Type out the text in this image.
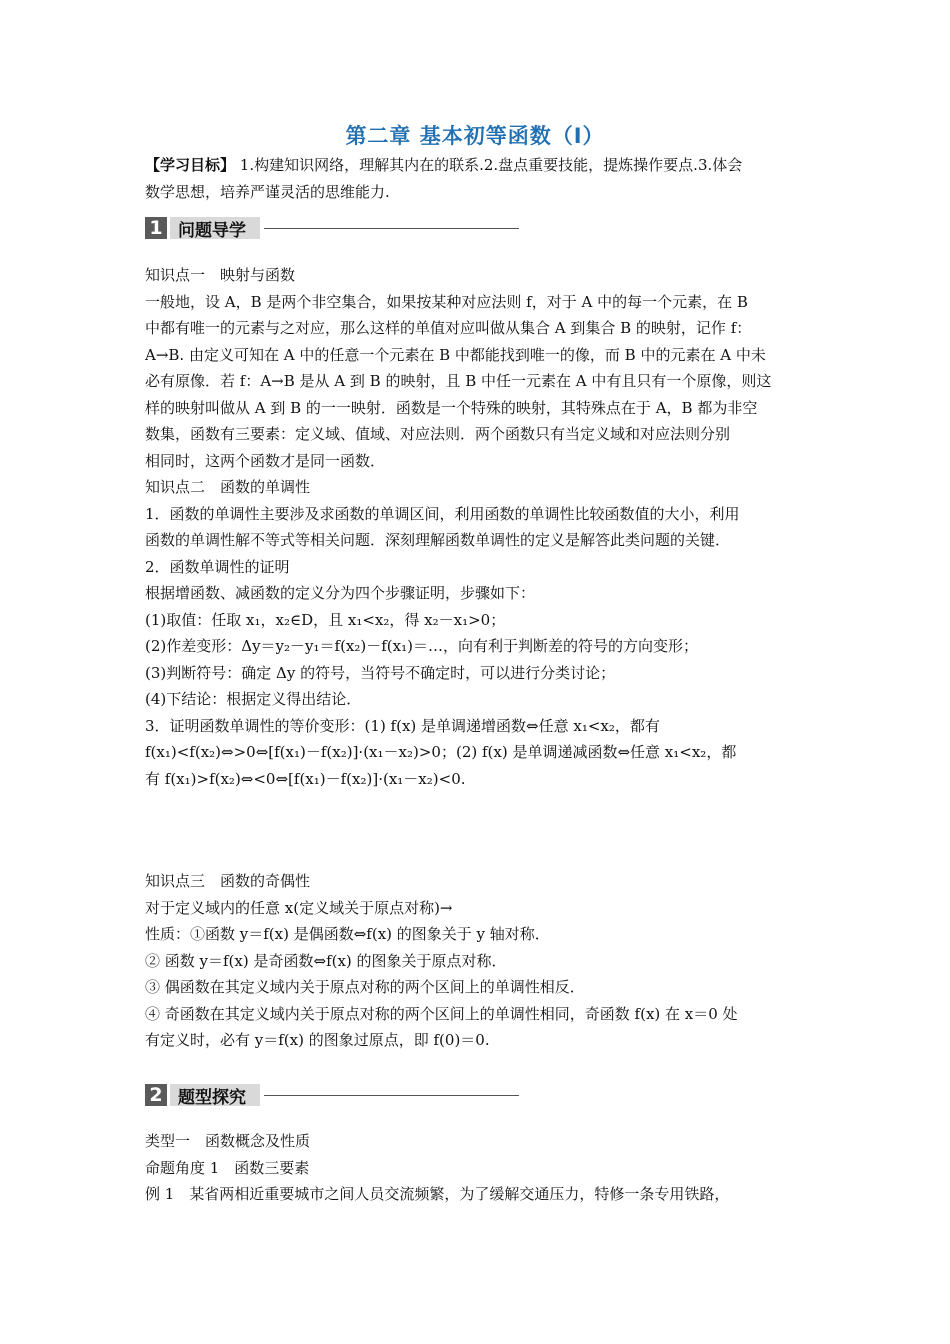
第二章 基本初等函数（Ⅰ）

【学习目标】 1.构建知识网络，理解其内在的联系.2.盘点重要技能，提炼操作要点.3.体会

数学思想，培养严谨灵活的思维能力.

1 问题导学

知识点一　映射与函数

一般地，设 A，B 是两个非空集合，如果按某种对应法则 f，对于 A 中的每一个元素，在 B

中都有唯一的元素与之对应，那么这样的单值对应叫做从集合 A 到集合 B 的映射，记作 f：

A→B. 由定义可知在 A 中的任意一个元素在 B 中都能找到唯一的像，而 B 中的元素在 A 中未

必有原像．若 f：A→B 是从 A 到 B 的映射，且 B 中任一元素在 A 中有且只有一个原像，则这

样的映射叫做从 A 到 B 的一一映射．函数是一个特殊的映射，其特殊点在于 A，B 都为非空

数集，函数有三要素：定义域、值域、对应法则．两个函数只有当定义域和对应法则分别

相同时，这两个函数才是同一函数．

知识点二　函数的单调性

1．函数的单调性主要涉及求函数的单调区间，利用函数的单调性比较函数值的大小，利用

函数的单调性解不等式等相关问题．深刻理解函数单调性的定义是解答此类问题的关键．

2．函数单调性的证明

根据增函数、减函数的定义分为四个步骤证明，步骤如下：

(1)取值：任取 x₁，x₂∈D，且 x₁<x₂，得 x₂－x₁>0；

(2)作差变形：Δy＝y₂－y₁＝f(x₂)－f(x₁)＝…，向有利于判断差的符号的方向变形；

(3)判断符号：确定 Δy 的符号，当符号不确定时，可以进行分类讨论；

(4)下结论：根据定义得出结论．

3．证明函数单调性的等价变形：(1) f(x) 是单调递增函数⇔任意 x₁<x₂，都有

f(x₁)<f(x₂)⇔>0⇔[f(x₁)－f(x₂)]·(x₁－x₂)>0；(2) f(x) 是单调递减函数⇔任意 x₁<x₂，都

有 f(x₁)>f(x₂)⇔<0⇔[f(x₁)－f(x₂)]·(x₁－x₂)<0.

知识点三　函数的奇偶性

对于定义域内的任意 x(定义域关于原点对称)→

性质：①函数 y＝f(x) 是偶函数⇔f(x) 的图象关于 y 轴对称．

② 函数 y＝f(x) 是奇函数⇔f(x) 的图象关于原点对称．

③ 偶函数在其定义域内关于原点对称的两个区间上的单调性相反．

④ 奇函数在其定义域内关于原点对称的两个区间上的单调性相同，奇函数 f(x) 在 x＝0 处

有定义时，必有 y＝f(x) 的图象过原点，即 f(0)＝0.

2 题型探究

类型一　函数概念及性质

命题角度 1　函数三要素

例 1　某省两相近重要城市之间人员交流频繁，为了缓解交通压力，特修一条专用铁路，
